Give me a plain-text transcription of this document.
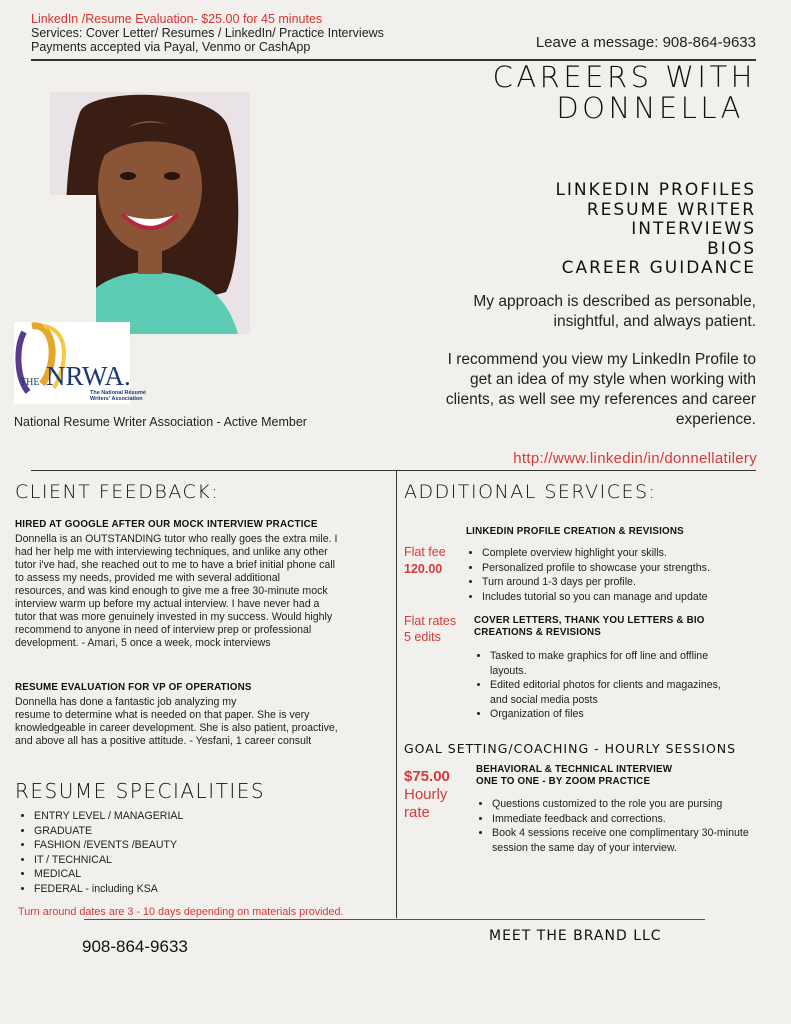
LinkedIn /Resume Evaluation- $25.00 for 45 minutes
Services: Cover Letter/ Resumes / LinkedIn/ Practice Interviews
Payments accepted via Payal, Venmo or CashApp	Leave a message: 908-864-9633
THE NRWA.
The National Résumé
Writers' Association
National Resume Writer Association - Active Member
CAREERS WITH
DONNELLA
LINKEDIN PROFILES
RESUME WRITER
INTERVIEWS
BIOS
CAREER GUIDANCE
My approach is described as personable,
insightful, and always patient.
I recommend you view my LinkedIn Profile to
get an idea of my style when working with
clients, as well see my references and career
experience.
http://www.linkedin/in/donnellatilery
CLIENT FEEDBACK:
HIRED AT GOOGLE AFTER OUR MOCK INTERVIEW PRACTICE
Donnella is an OUTSTANDING tutor who really goes the extra mile. I
had her help me with interviewing techniques, and unlike any other
tutor i've had, she reached out to me to have a brief initial phone call
to assess my needs, provided me with several additional
resources, and was kind enough to give me a free 30-minute mock
interview warm up before my actual interview. I have never had a
tutor that was more genuinely invested in my success. Would highly
recommend to anyone in need of interview prep or professional
development. - Amari, 5 once a week, mock interviews
RESUME EVALUATION FOR VP OF OPERATIONS
Donnella has done a fantastic job analyzing my
resume to determine what is needed on that paper. She is very
knowledgeable in career development. She is also patient, proactive,
and above all has a positive attitude. - Yesfani, 1 career consult
RESUME SPECIALITIES
• ENTRY LEVEL / MANAGERIAL
• GRADUATE
• FASHION /EVENTS /BEAUTY
• IT / TECHNICAL
• MEDICAL
• FEDERAL - including KSA
Turn around dates are 3 - 10 days depending on materials provided.
ADDITIONAL SERVICES:
LINKEDIN PROFILE CREATION & REVISIONS
Flat fee
120.00
• Complete overview highlight your skills.
• Personalized profile to showcase your strengths.
• Turn around 1-3 days per profile.
• Includes tutorial so you can manage and update
Flat rates
5 edits
COVER LETTERS, THANK YOU LETTERS & BIO
CREATIONS & REVISIONS
• Tasked to make graphics for off line and offline layouts.
• Edited editorial photos for clients and magazines, and social media posts
• Organization of files
GOAL SETTING/COACHING - HOURLY SESSIONS
$75.00
Hourly
rate
BEHAVIORAL & TECHNICAL INTERVIEW
ONE TO ONE - BY ZOOM PRACTICE
• Questions customized to the role you are pursing
• Immediate feedback and corrections.
• Book 4 sessions receive one complimentary 30-minute session the same day of your interview.
908-864-9633
MEET THE BRAND LLC
